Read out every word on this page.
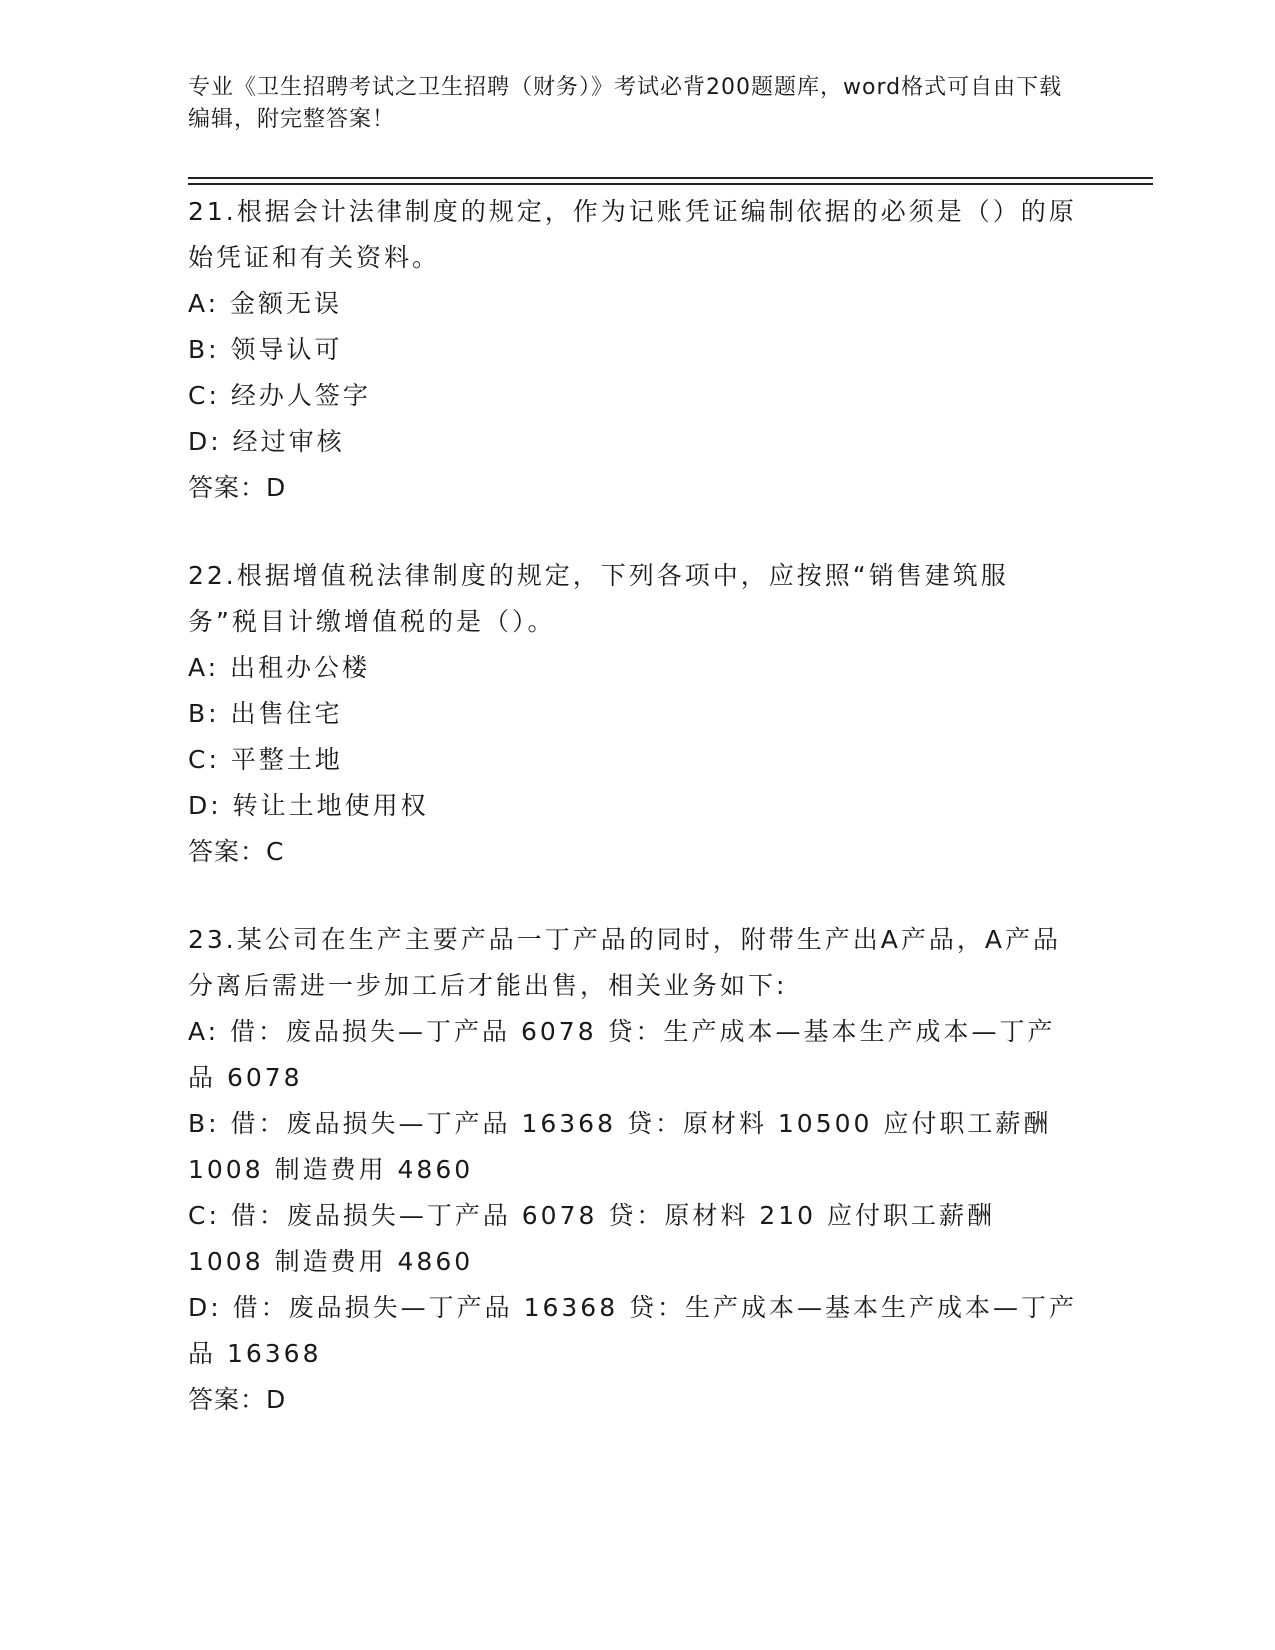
专业《卫生招聘考试之卫生招聘（财务）》考试必背200题题库，word格式可自由下载编辑，附完整答案！

21.根据会计法律制度的规定，作为记账凭证编制依据的必须是（）的原始凭证和有关资料。

A: 金额无误

B: 领导认可

C: 经办人签字

D: 经过审核

答案：D

22.根据增值税法律制度的规定，下列各项中，应按照“销售建筑服务”税目计缴增值税的是（）。

A: 出租办公楼

B: 出售住宅

C: 平整土地

D: 转让土地使用权

答案：C

23.某公司在生产主要产品一丁产品的同时，附带生产出A产品，A产品分离后需进一步加工后才能出售，相关业务如下:

A: 借：废品损失—丁产品 6078 贷：生产成本—基本生产成本—丁产品 6078

B: 借：废品损失—丁产品 16368 贷：原材料 10500 应付职工薪酬 1008 制造费用 4860

C: 借：废品损失—丁产品 6078 贷：原材料 210 应付职工薪酬 1008 制造费用 4860

D: 借：废品损失—丁产品 16368 贷：生产成本—基本生产成本—丁产品 16368

答案：D
